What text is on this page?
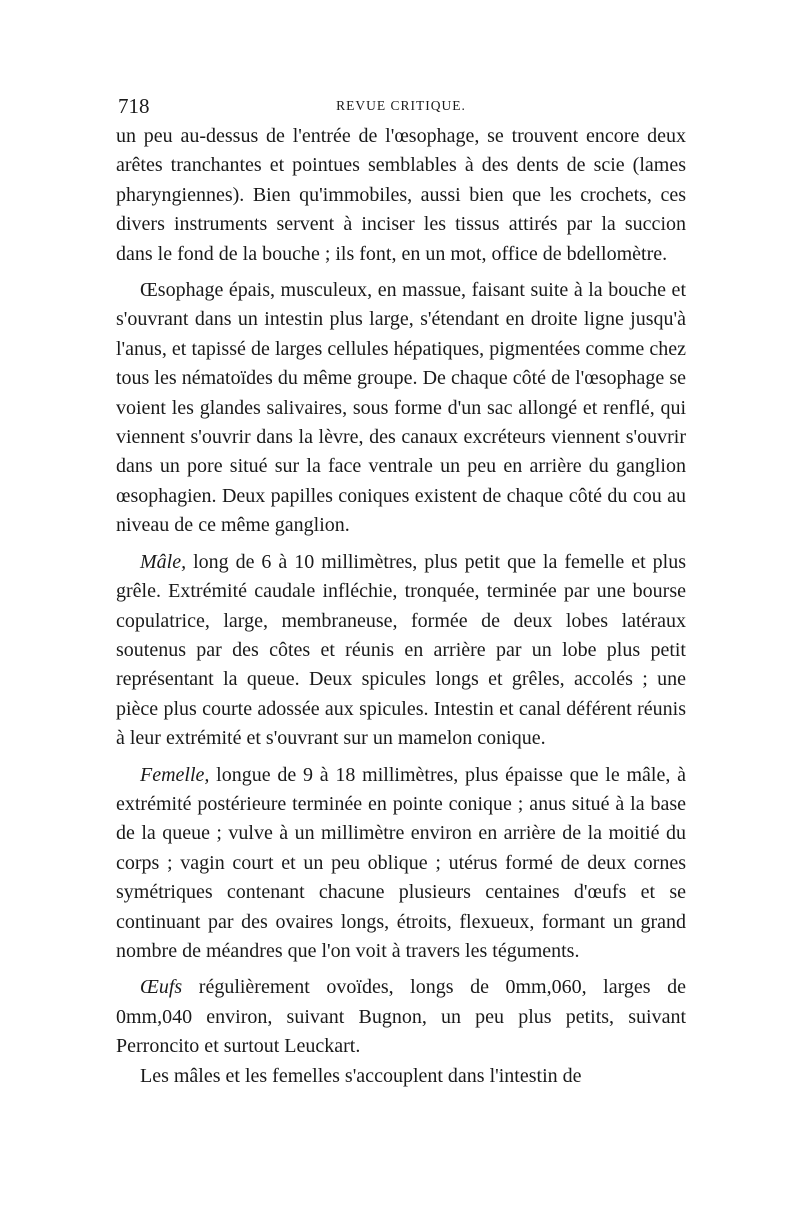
718	REVUE CRITIQUE.

un peu au-dessus de l'entrée de l'œsophage, se trouvent encore deux arêtes tranchantes et pointues semblables à des dents de scie (lames pharyngiennes). Bien qu'immobiles, aussi bien que les crochets, ces divers instruments servent à inciser les tissus attirés par la succion dans le fond de la bouche ; ils font, en un mot, office de bdellomètre.

Œsophage épais, musculeux, en massue, faisant suite à la bouche et s'ouvrant dans un intestin plus large, s'étendant en droite ligne jusqu'à l'anus, et tapissé de larges cellules hépatiques, pigmentées comme chez tous les nématoïdes du même groupe. De chaque côté de l'œsophage se voient les glandes salivaires, sous forme d'un sac allongé et renflé, qui viennent s'ouvrir dans la lèvre, des canaux excréteurs viennent s'ouvrir dans un pore situé sur la face ventrale un peu en arrière du ganglion œsophagien. Deux papilles coniques existent de chaque côté du cou au niveau de ce même ganglion.

Mâle, long de 6 à 10 millimètres, plus petit que la femelle et plus grêle. Extrémité caudale infléchie, tronquée, terminée par une bourse copulatrice, large, membraneuse, formée de deux lobes latéraux soutenus par des côtes et réunis en arrière par un lobe plus petit représentant la queue. Deux spicules longs et grêles, accolés ; une pièce plus courte adossée aux spicules. Intestin et canal déférent réunis à leur extrémité et s'ouvrant sur un mamelon conique.

Femelle, longue de 9 à 18 millimètres, plus épaisse que le mâle, à extrémité postérieure terminée en pointe conique ; anus situé à la base de la queue ; vulve à un millimètre environ en arrière de la moitié du corps ; vagin court et un peu oblique ; utérus formé de deux cornes symétriques contenant chacune plusieurs centaines d'œufs et se continuant par des ovaires longs, étroits, flexueux, formant un grand nombre de méandres que l'on voit à travers les téguments.

Œufs régulièrement ovoïdes, longs de 0mm,060, larges de 0mm,040 environ, suivant Bugnon, un peu plus petits, suivant Perroncito et surtout Leuckart.

Les mâles et les femelles s'accouplent dans l'intestin de
